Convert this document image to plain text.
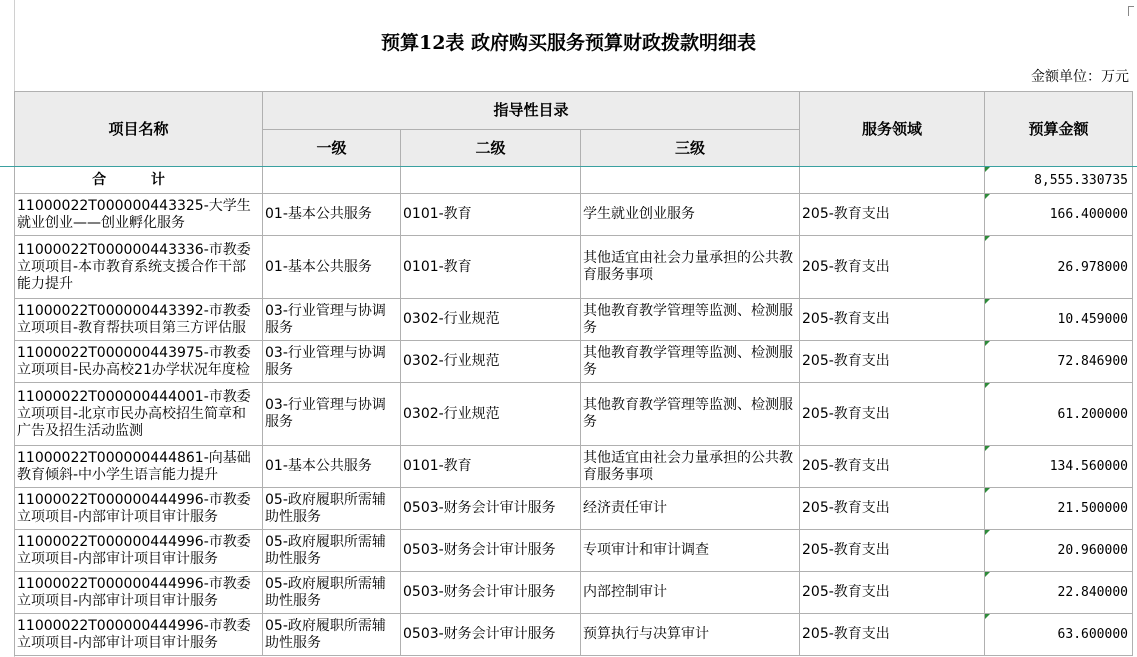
预算12表 政府购买服务预算财政拨款明细表
金额单位：万元
项目名称	指导性目录			服务领域	预算金额
	一级	二级	三级		
合 计					8,555.330735

11000022T000000443325-大学生就业创业——创业孵化服务	01-基本公共服务	0101-教育	学生就业创业服务	205-教育支出	166.400000

11000022T000000443336-市教委立项项目-本市教育系统支援合作干部能力提升	01-基本公共服务	0101-教育	其他适宜由社会力量承担的公共教育服务事项	205-教育支出	26.978000

11000022T000000443392-市教委立项项目-教育帮扶项目第三方评估服	03-行业管理与协调服务	0302-行业规范	其他教育教学管理等监测、检测服务	205-教育支出	10.459000

11000022T000000443975-市教委立项项目-民办高校21办学状况年度检	03-行业管理与协调服务	0302-行业规范	其他教育教学管理等监测、检测服务	205-教育支出	72.846900

11000022T000000444001-市教委立项项目-北京市民办高校招生简章和广告及招生活动监测	03-行业管理与协调服务	0302-行业规范	其他教育教学管理等监测、检测服务	205-教育支出	61.200000

11000022T000000444861-向基础教育倾斜-中小学生语言能力提升	01-基本公共服务	0101-教育	其他适宜由社会力量承担的公共教育服务事项	205-教育支出	134.560000

11000022T000000444996-市教委立项项目-内部审计项目审计服务	05-政府履职所需辅助性服务	0503-财务会计审计服务	经济责任审计	205-教育支出	21.500000

11000022T000000444996-市教委立项项目-内部审计项目审计服务	05-政府履职所需辅助性服务	0503-财务会计审计服务	专项审计和审计调查	205-教育支出	20.960000

11000022T000000444996-市教委立项项目-内部审计项目审计服务	05-政府履职所需辅助性服务	0503-财务会计审计服务	内部控制审计	205-教育支出	22.840000

11000022T000000444996-市教委立项项目-内部审计项目审计服务	05-政府履职所需辅助性服务	0503-财务会计审计服务	预算执行与决算审计	205-教育支出	63.600000
